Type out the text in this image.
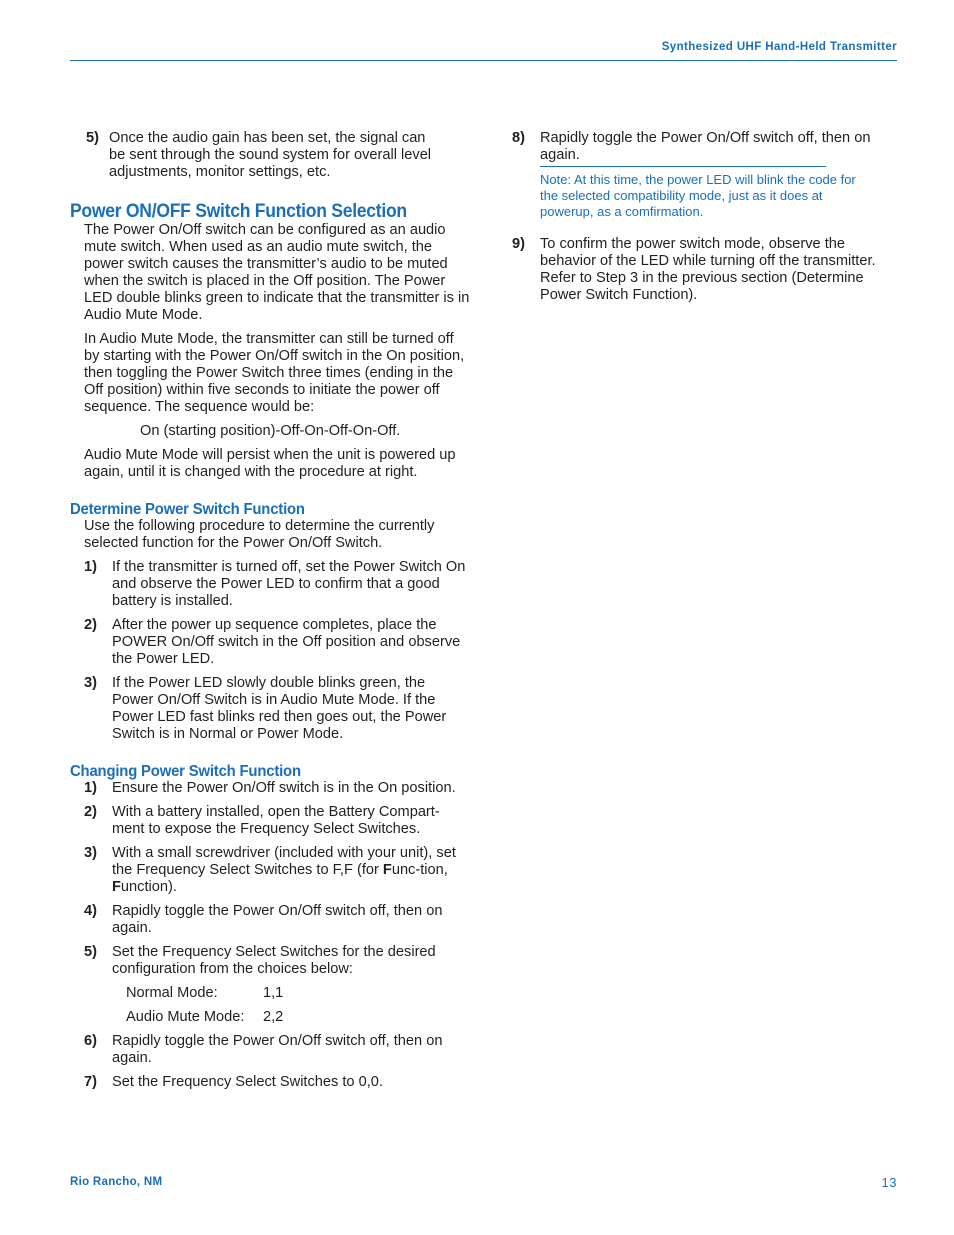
Synthesized UHF Hand-Held Transmitter
5) Once the audio gain has been set, the signal can be sent through the sound system for overall level adjustments, monitor settings, etc.
Power ON/OFF Switch Function Selection

The Power On/Off switch can be configured as an audio mute switch. When used as an audio mute switch, the power switch causes the transmitter’s audio to be muted when the switch is placed in the Off position. The Power LED double blinks green to indicate that the transmitter is in Audio Mute Mode.

In Audio Mute Mode, the transmitter can still be turned off by starting with the Power On/Off switch in the On position, then toggling the Power Switch three times (ending in the Off position) within five seconds to initiate the power off sequence. The sequence would be:

On (starting position)-Off-On-Off-On-Off.

Audio Mute Mode will persist when the unit is powered up again, until it is changed with the procedure at right.

Determine Power Switch Function

Use the following procedure to determine the currently selected function for the Power On/Off Switch.

1)	If the transmitter is turned off, set the Power Switch On and observe the Power LED to confirm that a good battery is installed.
2)	After the power up sequence completes, place the POWER On/Off switch in the Off position and observe the Power LED.
3)	If the Power LED slowly double blinks green, the Power On/Off Switch is in Audio Mute Mode. If the Power LED fast blinks red then goes out, the Power Switch is in Normal or Power Mode.
Changing Power Switch Function
1)	Ensure the Power On/Off switch is in the On position.
2)	With a battery installed, open the Battery Compart-ment to expose the Frequency Select Switches.
3)	With a small screwdriver (included with your unit), set the Frequency Select Switches to F,F (for Func-tion, Function).
4)	Rapidly toggle the Power On/Off switch off, then on again.
5)	Set the Frequency Select Switches for the desired configuration from the choices below:
Normal Mode:	1,1
Audio Mute Mode:	2,2
6)	Rapidly toggle the Power On/Off switch off, then on again.
7)	Set the Frequency Select Switches to 0,0.
8)	Rapidly toggle the Power On/Off switch off, then on again.
Note: At this time, the power LED will blink the code for the selected compatibility mode, just as it does at powerup, as a comfirmation.
9)	To confirm the power switch mode, observe the behavior of the LED while turning off the transmitter. Refer to Step 3 in the previous section (Determine Power Switch Function).
Rio Rancho, NM	13
